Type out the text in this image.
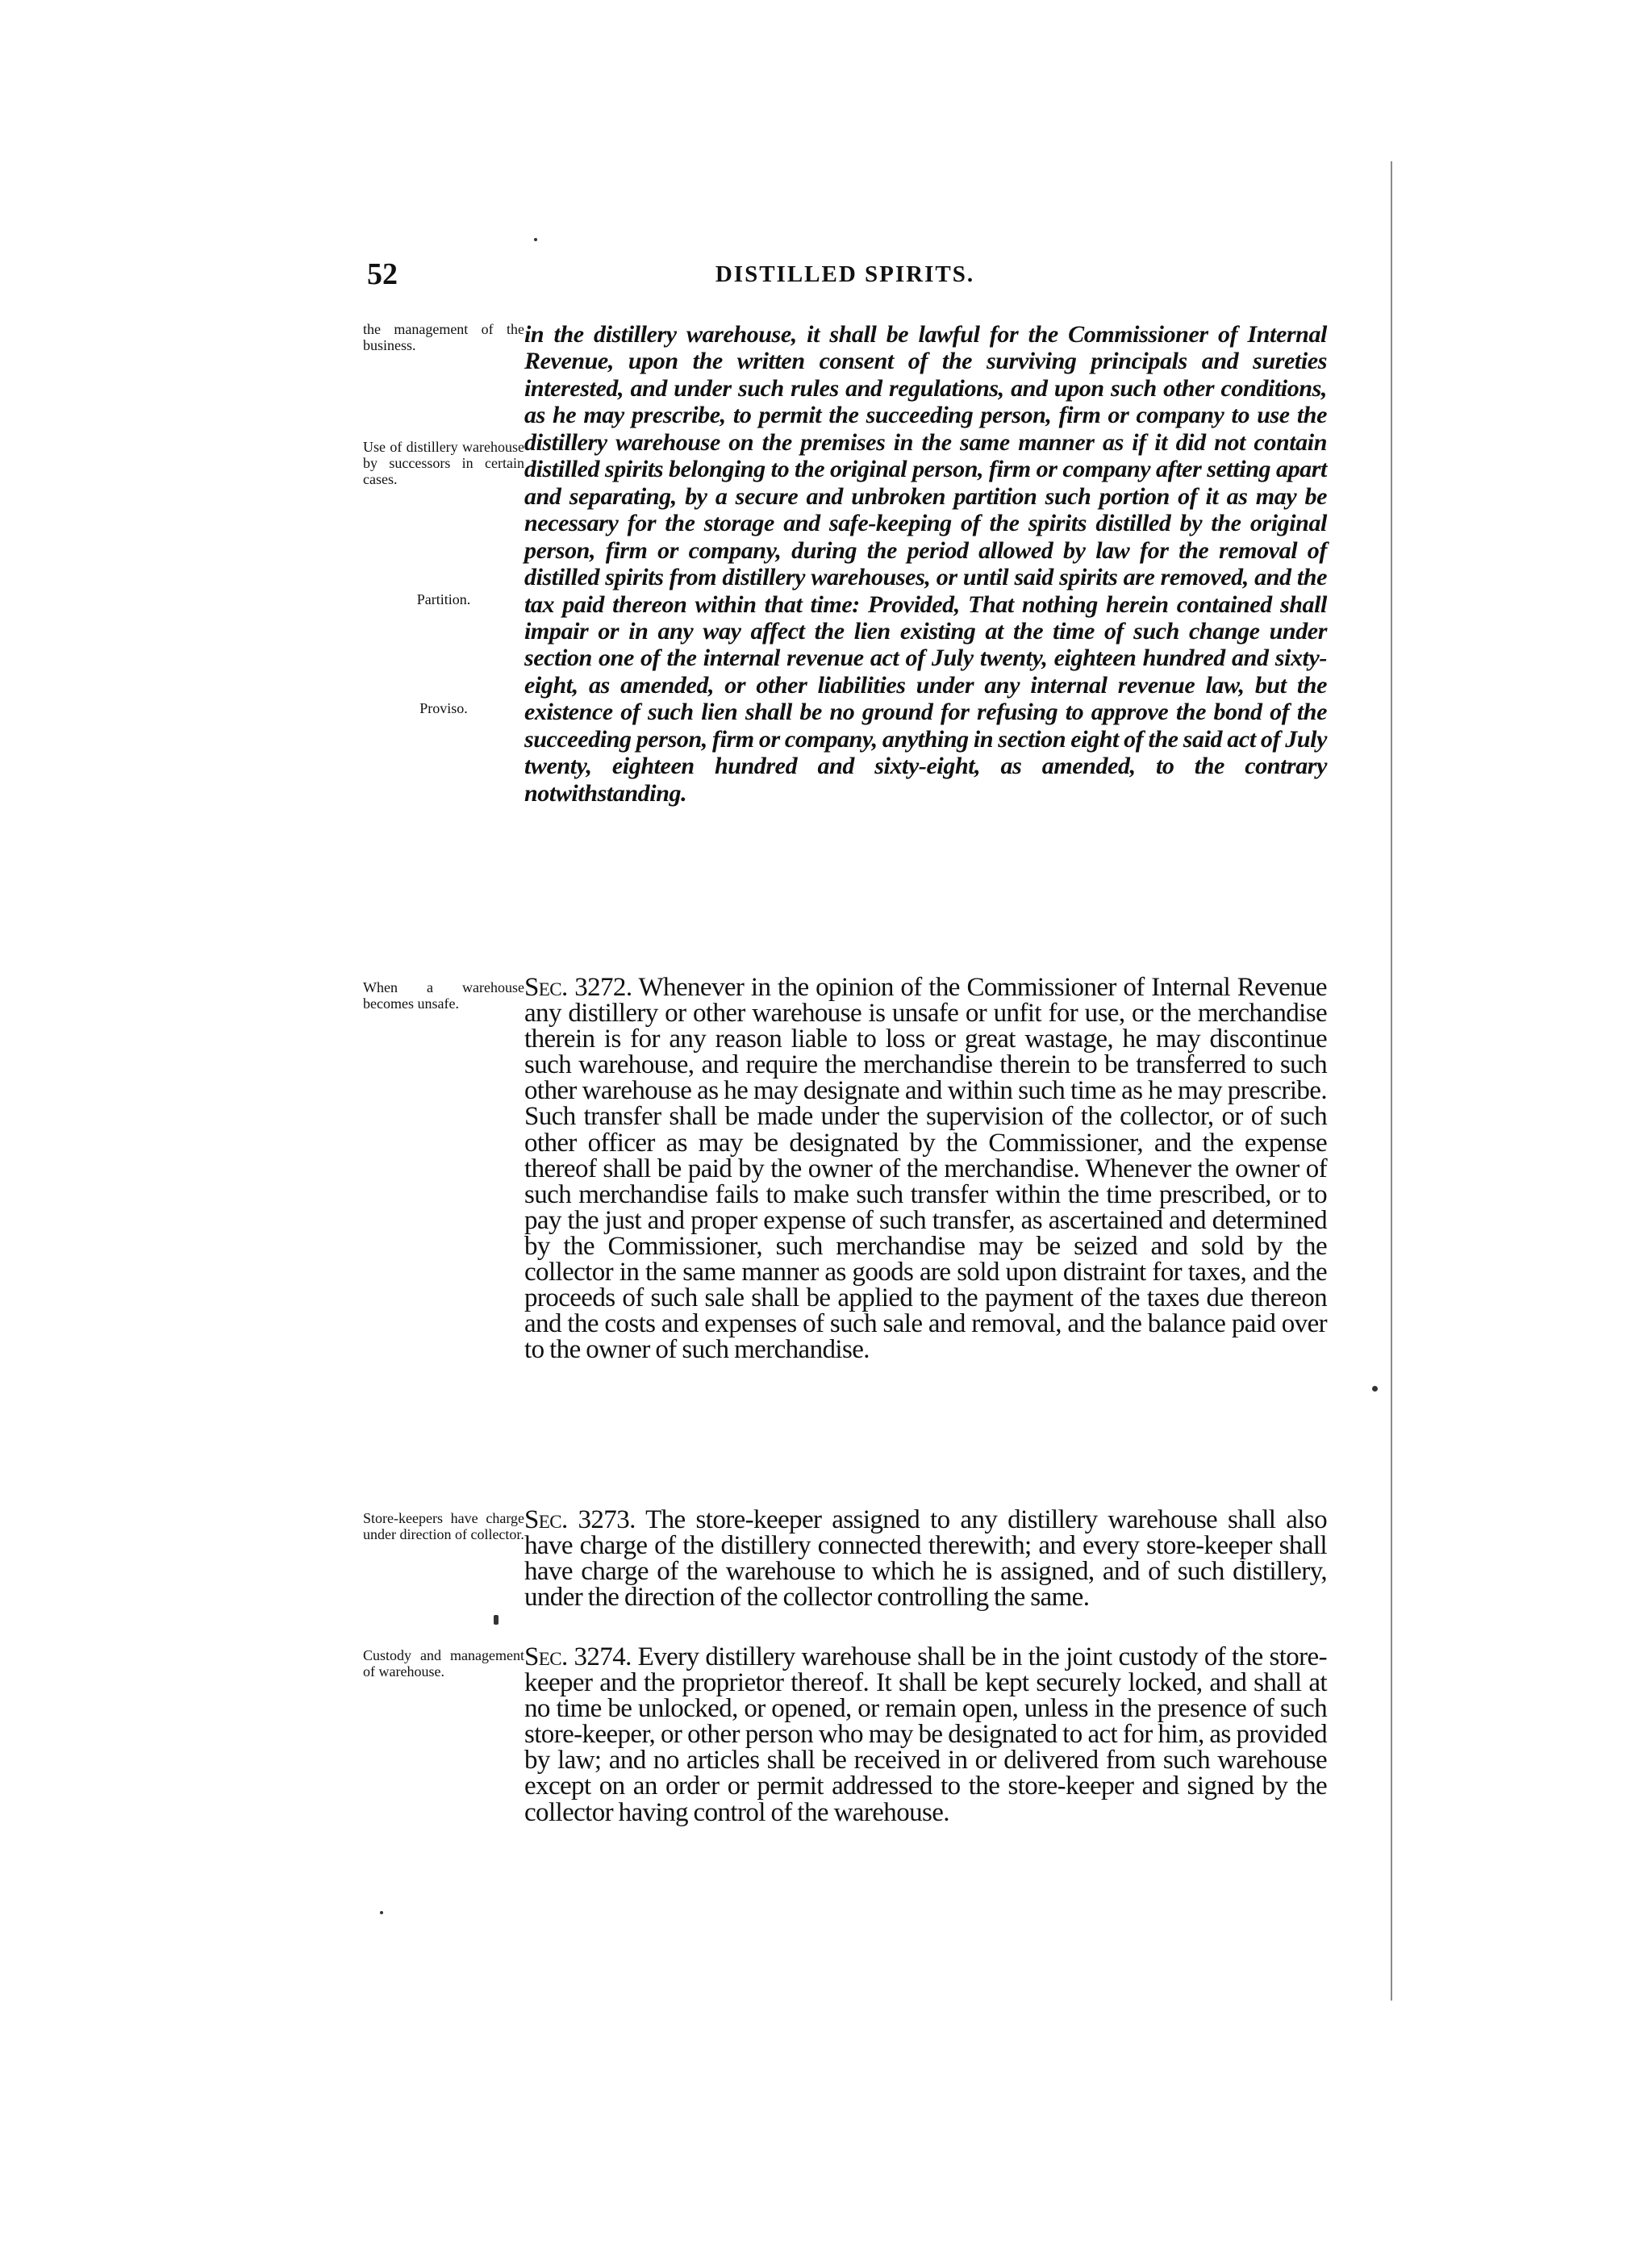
52	DISTILLED SPIRITS.
the management of the business.
Use of distillery warehouse by successors in certain cases.
Partition.
Proviso.
in the distillery warehouse, it shall be lawful for the Commissioner of Internal Revenue, upon the written consent of the surviving principals and sureties interested, and under such rules and regulations, and upon such other conditions, as he may prescribe, to permit the succeeding person, firm or company to use the distillery warehouse on the premises in the same manner as if it did not contain distilled spirits belonging to the original person, firm or company after setting apart and separating, by a secure and unbroken partition such portion of it as may be necessary for the storage and safe-keeping of the spirits distilled by the original person, firm or company, during the period allowed by law for the removal of distilled spirits from distillery warehouses, or until said spirits are removed, and the tax paid thereon within that time: Provided, That nothing herein contained shall impair or in any way affect the lien existing at the time of such change under section one of the internal revenue act of July twenty, eighteen hundred and sixty-eight, as amended, or other liabilities under any internal revenue law, but the existence of such lien shall be no ground for refusing to approve the bond of the succeeding person, firm or company, anything in section eight of the said act of July twenty, eighteen hundred and sixty-eight, as amended, to the contrary notwithstanding.
When a warehouse becomes unsafe.
Sec. 3272. Whenever in the opinion of the Commissioner of Internal Revenue any distillery or other warehouse is unsafe or unfit for use, or the merchandise therein is for any reason liable to loss or great wastage, he may discontinue such warehouse, and require the merchandise therein to be transferred to such other warehouse as he may designate and within such time as he may prescribe. Such transfer shall be made under the supervision of the collector, or of such other officer as may be designated by the Commissioner, and the expense thereof shall be paid by the owner of the merchandise. Whenever the owner of such merchandise fails to make such transfer within the time prescribed, or to pay the just and proper expense of such transfer, as ascertained and determined by the Commissioner, such merchandise may be seized and sold by the collector in the same manner as goods are sold upon distraint for taxes, and the proceeds of such sale shall be applied to the payment of the taxes due thereon and the costs and expenses of such sale and removal, and the balance paid over to the owner of such merchandise.
Store-keepers have charge under direction of collector. Sec. 3273. The store-keeper assigned to any distillery warehouse shall also have charge of the distillery connected therewith; and every store-keeper shall have charge of the warehouse to which he is assigned, and of such distillery, under the direction of the collector controlling the same.
Custody and management of warehouse.	Sec. 3274. Every distillery warehouse shall be in the joint custody of the store-keeper and the proprietor thereof. It shall be kept securely locked, and shall at no time be unlocked, or opened, or remain open, unless in the presence of such store-keeper, or other person who may be designated to act for him, as provided by law; and no articles shall be received in or delivered from such warehouse except on an order or permit addressed to the store-keeper and signed by the collector having control of the warehouse.
